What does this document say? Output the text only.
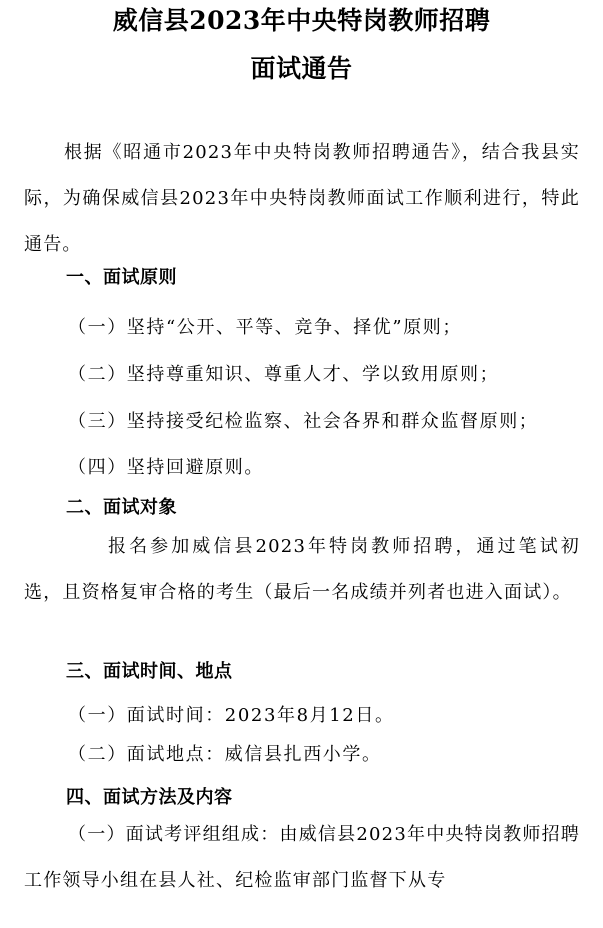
威信县2023年中央特岗教师招聘
面试通告
根据《昭通市2023年中央特岗教师招聘通告》，结合我县实际，为确保威信县2023年中央特岗教师面试工作顺利进行，特此通告。
一、面试原则
（一）坚持“公开、平等、竞争、择优”原则；
（二）坚持尊重知识、尊重人才、学以致用原则；
（三）坚持接受纪检监察、社会各界和群众监督原则；
（四）坚持回避原则。
二、面试对象
报名参加威信县2023年特岗教师招聘，通过笔试初选，且资格复审合格的考生（最后一名成绩并列者也进入面试）。
三、面试时间、地点
（一）面试时间：2023年8月12日。
（二）面试地点：威信县扎西小学。
四、面试方法及内容
（一）面试考评组组成：由威信县2023年中央特岗教师招聘工作领导小组在县人社、纪检监审部门监督下从专
